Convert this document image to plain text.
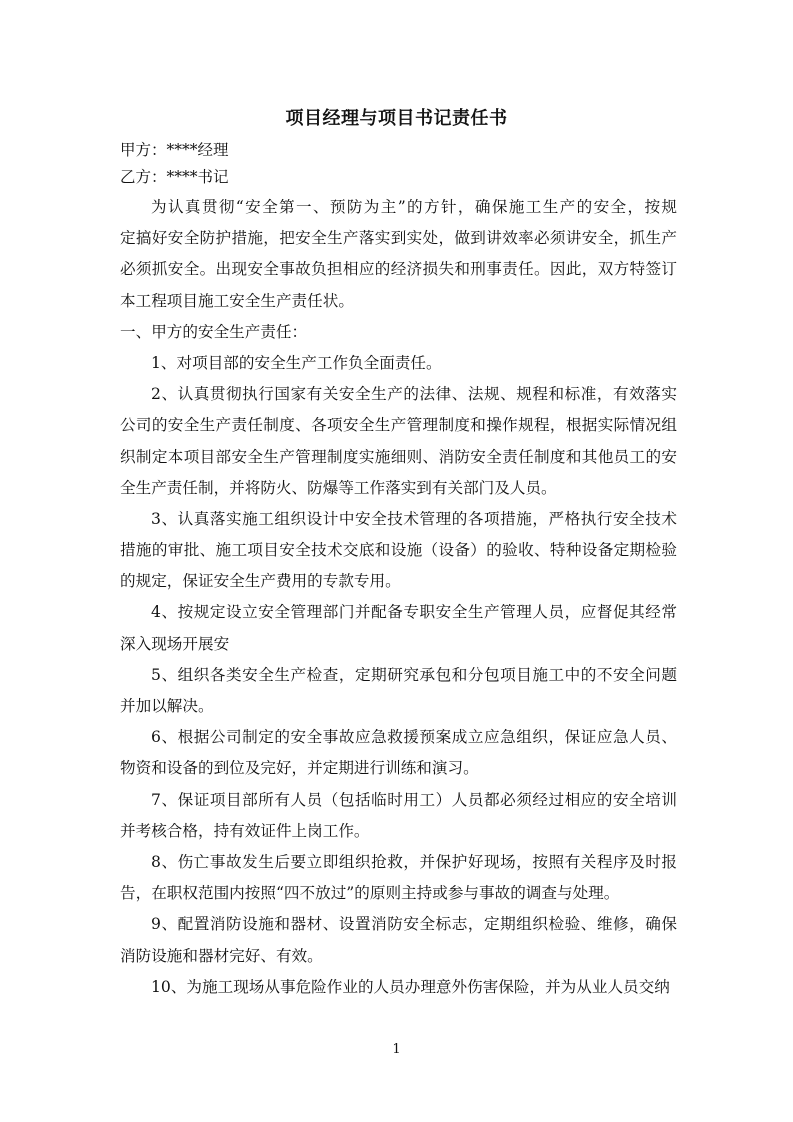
项目经理与项目书记责任书
甲方：****经理
乙方：****书记
为认真贯彻“安全第一、预防为主”的方针，确保施工生产的安全，按规
定搞好安全防护措施，把安全生产落实到实处，做到讲效率必须讲安全，抓生产
必须抓安全。出现安全事故负担相应的经济损失和刑事责任。因此，双方特签订
本工程项目施工安全生产责任状。
一、甲方的安全生产责任：
1、对项目部的安全生产工作负全面责任。
2、认真贯彻执行国家有关安全生产的法律、法规、规程和标准，有效落实
公司的安全生产责任制度、各项安全生产管理制度和操作规程，根据实际情况组
织制定本项目部安全生产管理制度实施细则、消防安全责任制度和其他员工的安
全生产责任制，并将防火、防爆等工作落实到有关部门及人员。
3、认真落实施工组织设计中安全技术管理的各项措施，严格执行安全技术
措施的审批、施工项目安全技术交底和设施（设备）的验收、特种设备定期检验
的规定，保证安全生产费用的专款专用。
4、按规定设立安全管理部门并配备专职安全生产管理人员，应督促其经常
深入现场开展安
5、组织各类安全生产检查，定期研究承包和分包项目施工中的不安全问题
并加以解决。
6、根据公司制定的安全事故应急救援预案成立应急组织，保证应急人员、
物资和设备的到位及完好，并定期进行训练和演习。
7、保证项目部所有人员（包括临时用工）人员都必须经过相应的安全培训
并考核合格，持有效证件上岗工作。
8、伤亡事故发生后要立即组织抢救，并保护好现场，按照有关程序及时报
告，在职权范围内按照“四不放过”的原则主持或参与事故的调查与处理。
9、配置消防设施和器材、设置消防安全标志，定期组织检验、维修，确保
消防设施和器材完好、有效。
10、为施工现场从事危险作业的人员办理意外伤害保险，并为从业人员交纳
1
